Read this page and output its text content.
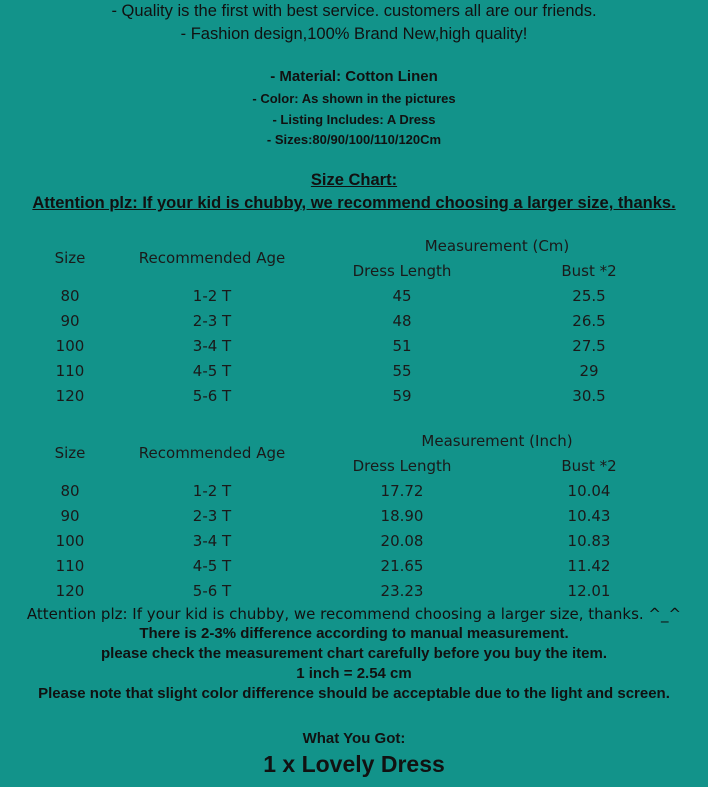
- Quality is the first with best service. customers all are our friends.
- Fashion design,100% Brand New,high quality!
- Material: Cotton Linen
- Color: As shown in the pictures
- Listing Includes: A Dress
- Sizes:80/90/100/110/120Cm
Size Chart:
Attention plz: If your kid is chubby, we recommend choosing a larger size, thanks.
Size	Recommended Age
Measurement (Cm)
Dress Length	Bust *2
80	1-2 T	45	25.5
90	2-3 T	48	26.5
100	3-4 T	51	27.5
110	4-5 T	55	29
120	5-6 T	59	30.5
Size	Recommended Age
Measurement (Inch)
Dress Length	Bust *2
80	1-2 T	17.72	10.04
90	2-3 T	18.90	10.43
100	3-4 T	20.08	10.83
110	4-5 T	21.65	11.42
120	5-6 T	23.23	12.01
Attention plz: If your kid is chubby, we recommend choosing a larger size, thanks. ^_^
There is 2-3% difference according to manual measurement.
please check the measurement chart carefully before you buy the item.
1 inch = 2.54 cm
Please note that slight color difference should be acceptable due to the light and screen.
What You Got:
1 x Lovely Dress
